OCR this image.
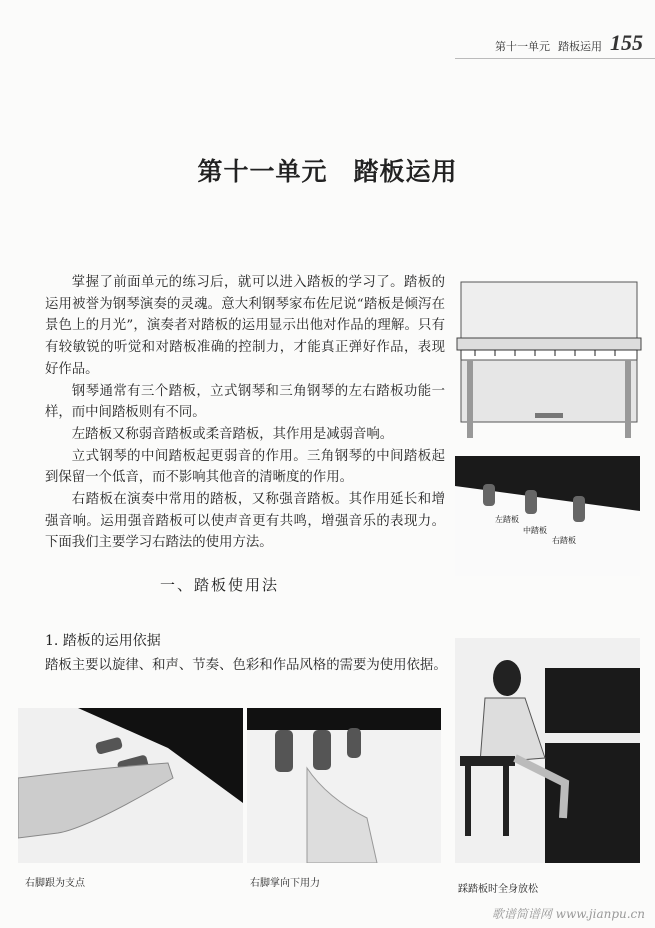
第十一单元 踏板运用 155
第十一单元 踏板运用

掌握了前面单元的练习后，就可以进入踏板的学习了。踏板的运用被誉为钢琴演奏的灵魂。意大利钢琴家布佐尼说“踏板是倾泻在景色上的月光”，演奏者对踏板的运用显示出他对作品的理解。只有有较敏锐的听觉和对踏板准确的控制力，才能真正弹好作品，表现好作品。

钢琴通常有三个踏板，立式钢琴和三角钢琴的左右踏板功能一样，而中间踏板则有不同。

左踏板又称弱音踏板或柔音踏板，其作用是减弱音响。

立式钢琴的中间踏板起更弱音的作用。三角钢琴的中间踏板起到保留一个低音，而不影响其他音的清晰度的作用。

右踏板在演奏中常用的踏板，又称强音踏板。其作用延长和增强音响。运用强音踏板可以使声音更有共鸣，增强音乐的表现力。下面我们主要学习右踏法的使用方法。

左踏板
中踏板
右踏板
一、踏板使用法
1. 踏板的运用依据
踏板主要以旋律、和声、节奏、色彩和作品风格的需要为使用依据。
右脚跟为支点	右脚掌向下用力
踩踏板时全身放松
歌谱简谱网 www.jianpu.cn
